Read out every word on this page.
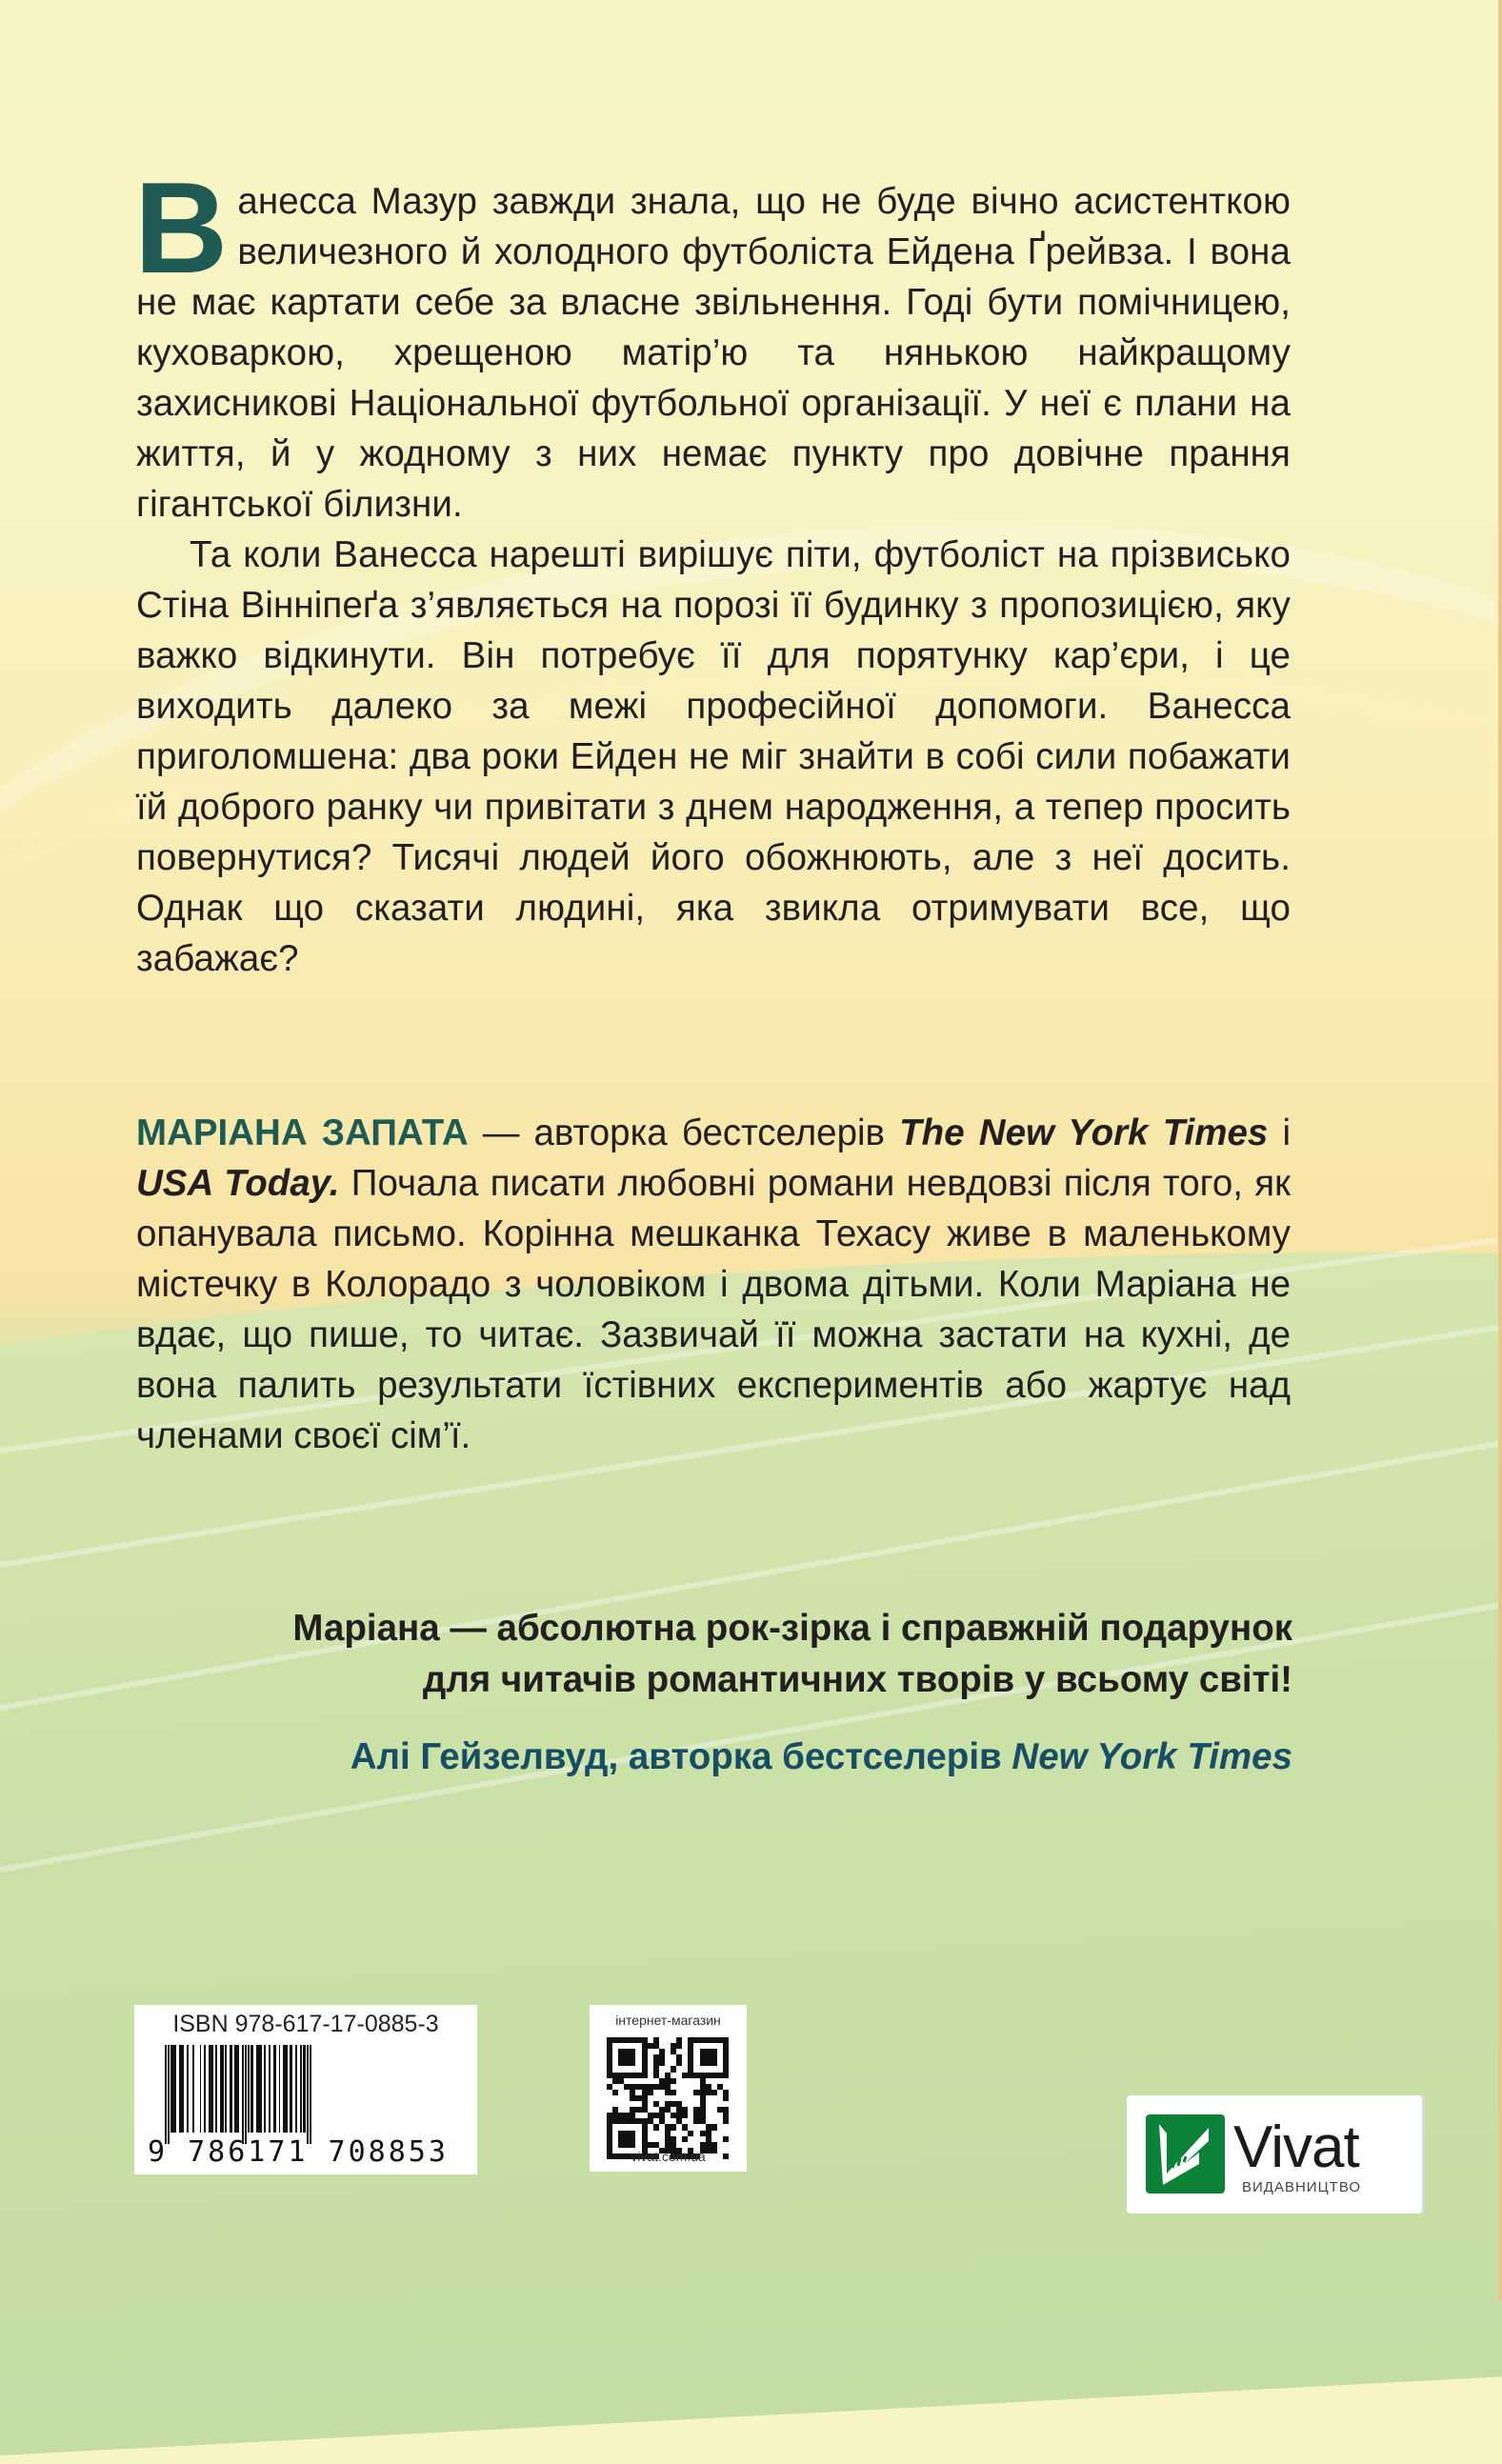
Ванесса Мазур завжди знала, що не буде вічно асистенткою величезного й холодного футболіста Ейдена Ґрейвза. І вона не має картати себе за власне звільнення. Годі бути помічницею, куховаркою, хрещеною матір’ю та нянькою найкращому захисникові Національної футбольної організації. У неї є плани на життя, й у жодному з них немає пункту про довічне прання гігантської білизни.

Та коли Ванесса нарешті вирішує піти, футболіст на прізвисько Стіна Вінніпеґа з’являється на порозі її будинку з пропозицією, яку важко відкинути. Він потребує її для порятунку кар’єри, і це виходить далеко за межі професійної допомоги. Ванесса приголомшена: два роки Ейден не міг знайти в собі сили побажати їй доброго ранку чи привітати з днем народження, а тепер просить повернутися? Тисячі людей його обожнюють, але з неї досить. Однак що сказати людині, яка звикла отримувати все, що забажає?

МАРІАНА ЗАПАТА — авторка бестселерів The New York Times і USA Today. Почала писати любовні романи невдовзі після того, як опанувала письмо. Корінна мешканка Техасу живе в маленькому містечку в Колорадо з чоловіком і двома дітьми. Коли Маріана не вдає, що пише, то читає. Зазвичай її можна застати на кухні, де вона палить результати їстівних експериментів або жартує над членами своєї сім’ї.
Маріана — абсолютна рок-зірка і справжній подарунок
для читачів романтичних творів у всьому світі!
Алі Гейзелвуд, авторка бестселерів New York Times
ISBN 978-617-17-0885-3
9 786171 708853
інтернет-магазин
vivat.com.ua	Vivat
ВИДАВНИЦТВО
